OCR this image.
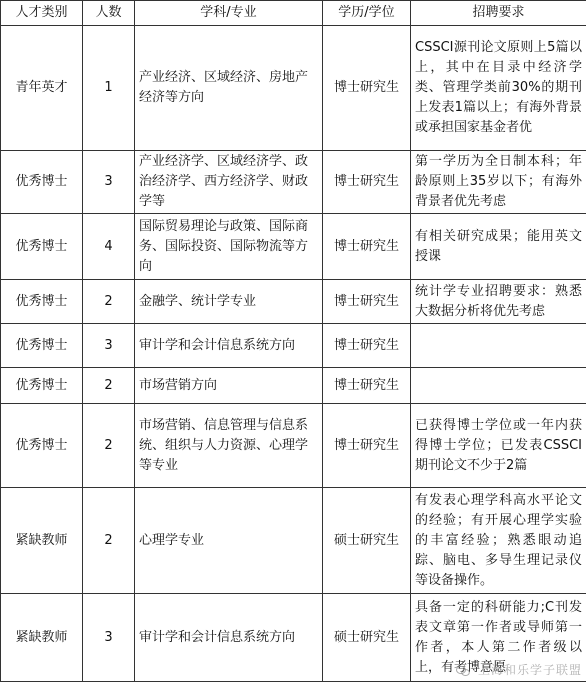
人才类别	人数	学科/专业	学历/学位	招聘要求
青年英才	1	产业经济、区域经济、房地产经济等方向	博士研究生	CSSCI源刊论文原则上5篇以上，其中在目录中经济学类、管理学类前30%的期刊上发表1篇以上；有海外背景或承担国家基金者优
优秀博士	3	产业经济学、区域经济学、政治经济学、西方经济学、财政学等	博士研究生	第一学历为全日制本科；年龄原则上35岁以下；有海外背景者优先考虑
优秀博士	4	国际贸易理论与政策、国际商务、国际投资、国际物流等方向	博士研究生	有相关研究成果；能用英文授课
优秀博士	2	金融学、统计学专业	博士研究生	统计学专业招聘要求：熟悉大数据分析将优先考虑
优秀博士	3	审计学和会计信息系统方向	博士研究生	
优秀博士	2	市场营销方向	博士研究生	
优秀博士	2	市场营销、信息管理与信息系统、组织与人力资源、心理学等专业	博士研究生	已获得博士学位或一年内获得博士学位；已发表CSSCI期刊论文不少于2篇
紧缺教师	2	心理学专业	硕士研究生	有发表心理学科高水平论文的经验；有开展心理学实验的丰富经验；熟悉眼动追踪、脑电、多导生理记录仪等设备操作。
紧缺教师	3	审计学和会计信息系统方向	硕士研究生	具备一定的科研能力;C刊发表文章第一作者或导师第一作者，本人第二作者级以上，有考博意愿
上海和乐学子联盟
